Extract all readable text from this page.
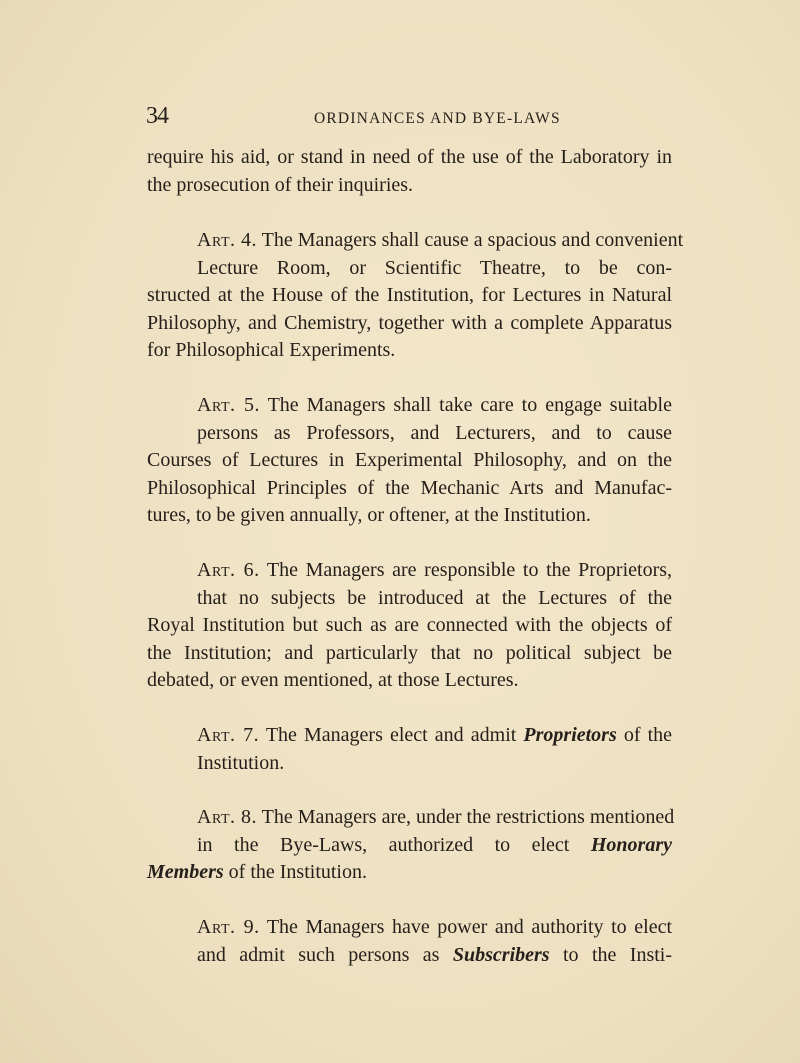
34	ORDINANCES AND BYE-LAWS
require his aid, or stand in need of the use of the Laboratory in
the prosecution of their inquiries.
Art. 4. The Managers shall cause a spacious and convenient
Lecture Room, or Scientific Theatre, to be con-
structed at the House of the Institution, for Lectures in Natural
Philosophy, and Chemistry, together with a complete Apparatus
for Philosophical Experiments.
Art. 5. The Managers shall take care to engage suitable
persons as Professors, and Lecturers, and to cause
Courses of Lectures in Experimental Philosophy, and on the
Philosophical Principles of the Mechanic Arts and Manufac-
tures, to be given annually, or oftener, at the Institution.
Art. 6. The Managers are responsible to the Proprietors,
that no subjects be introduced at the Lectures of the
Royal Institution but such as are connected with the objects of
the Institution; and particularly that no political subject be
debated, or even mentioned, at those Lectures.
Art. 7. The Managers elect and admit Proprietors of the
Institution.
Art. 8. The Managers are, under the restrictions mentioned
in the Bye-Laws, authorized to elect Honorary
Members of the Institution.
Art. 9. The Managers have power and authority to elect
and admit such persons as Subscribers to the Insti-
